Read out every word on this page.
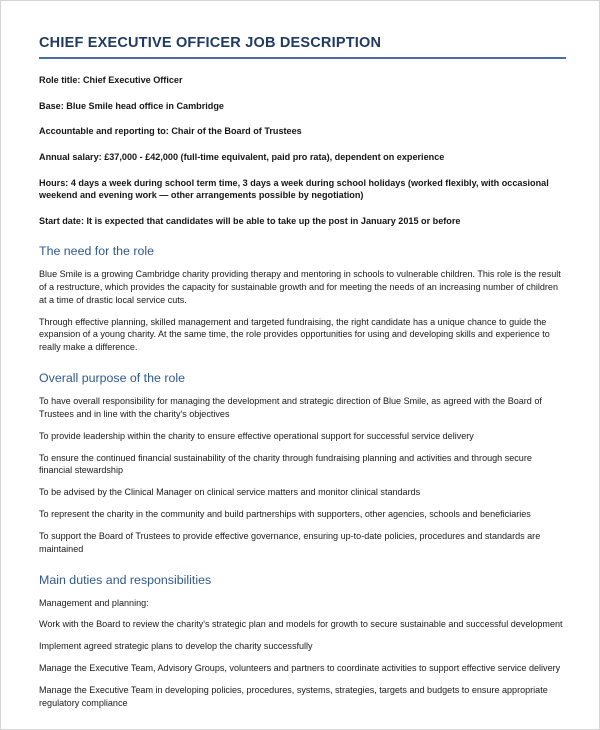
CHIEF EXECUTIVE OFFICER JOB DESCRIPTION

Role title: Chief Executive Officer

Base: Blue Smile head office in Cambridge

Accountable and reporting to: Chair of the Board of Trustees

Annual salary: £37,000 - £42,000 (full-time equivalent, paid pro rata), dependent on experience

Hours: 4 days a week during school term time, 3 days a week during school holidays (worked flexibly, with occasional weekend and evening work — other arrangements possible by negotiation)

Start date: It is expected that candidates will be able to take up the post in January 2015 or before

The need for the role

Blue Smile is a growing Cambridge charity providing therapy and mentoring in schools to vulnerable children. This role is the result of a restructure, which provides the capacity for sustainable growth and for meeting the needs of an increasing number of children at a time of drastic local service cuts.

Through effective planning, skilled management and targeted fundraising, the right candidate has a unique chance to guide the expansion of a young charity. At the same time, the role provides opportunities for using and developing skills and experience to really make a difference.

Overall purpose of the role

To have overall responsibility for managing the development and strategic direction of Blue Smile, as agreed with the Board of Trustees and in line with the charity's objectives

To provide leadership within the charity to ensure effective operational support for successful service delivery

To ensure the continued financial sustainability of the charity through fundraising planning and activities and through secure financial stewardship

To be advised by the Clinical Manager on clinical service matters and monitor clinical standards

To represent the charity in the community and build partnerships with supporters, other agencies, schools and beneficiaries

To support the Board of Trustees to provide effective governance, ensuring up-to-date policies, procedures and standards are maintained

Main duties and responsibilities

Management and planning:

Work with the Board to review the charity's strategic plan and models for growth to secure sustainable and successful development

Implement agreed strategic plans to develop the charity successfully

Manage the Executive Team, Advisory Groups, volunteers and partners to coordinate activities to support effective service delivery

Manage the Executive Team in developing policies, procedures, systems, strategies, targets and budgets to ensure appropriate regulatory compliance
